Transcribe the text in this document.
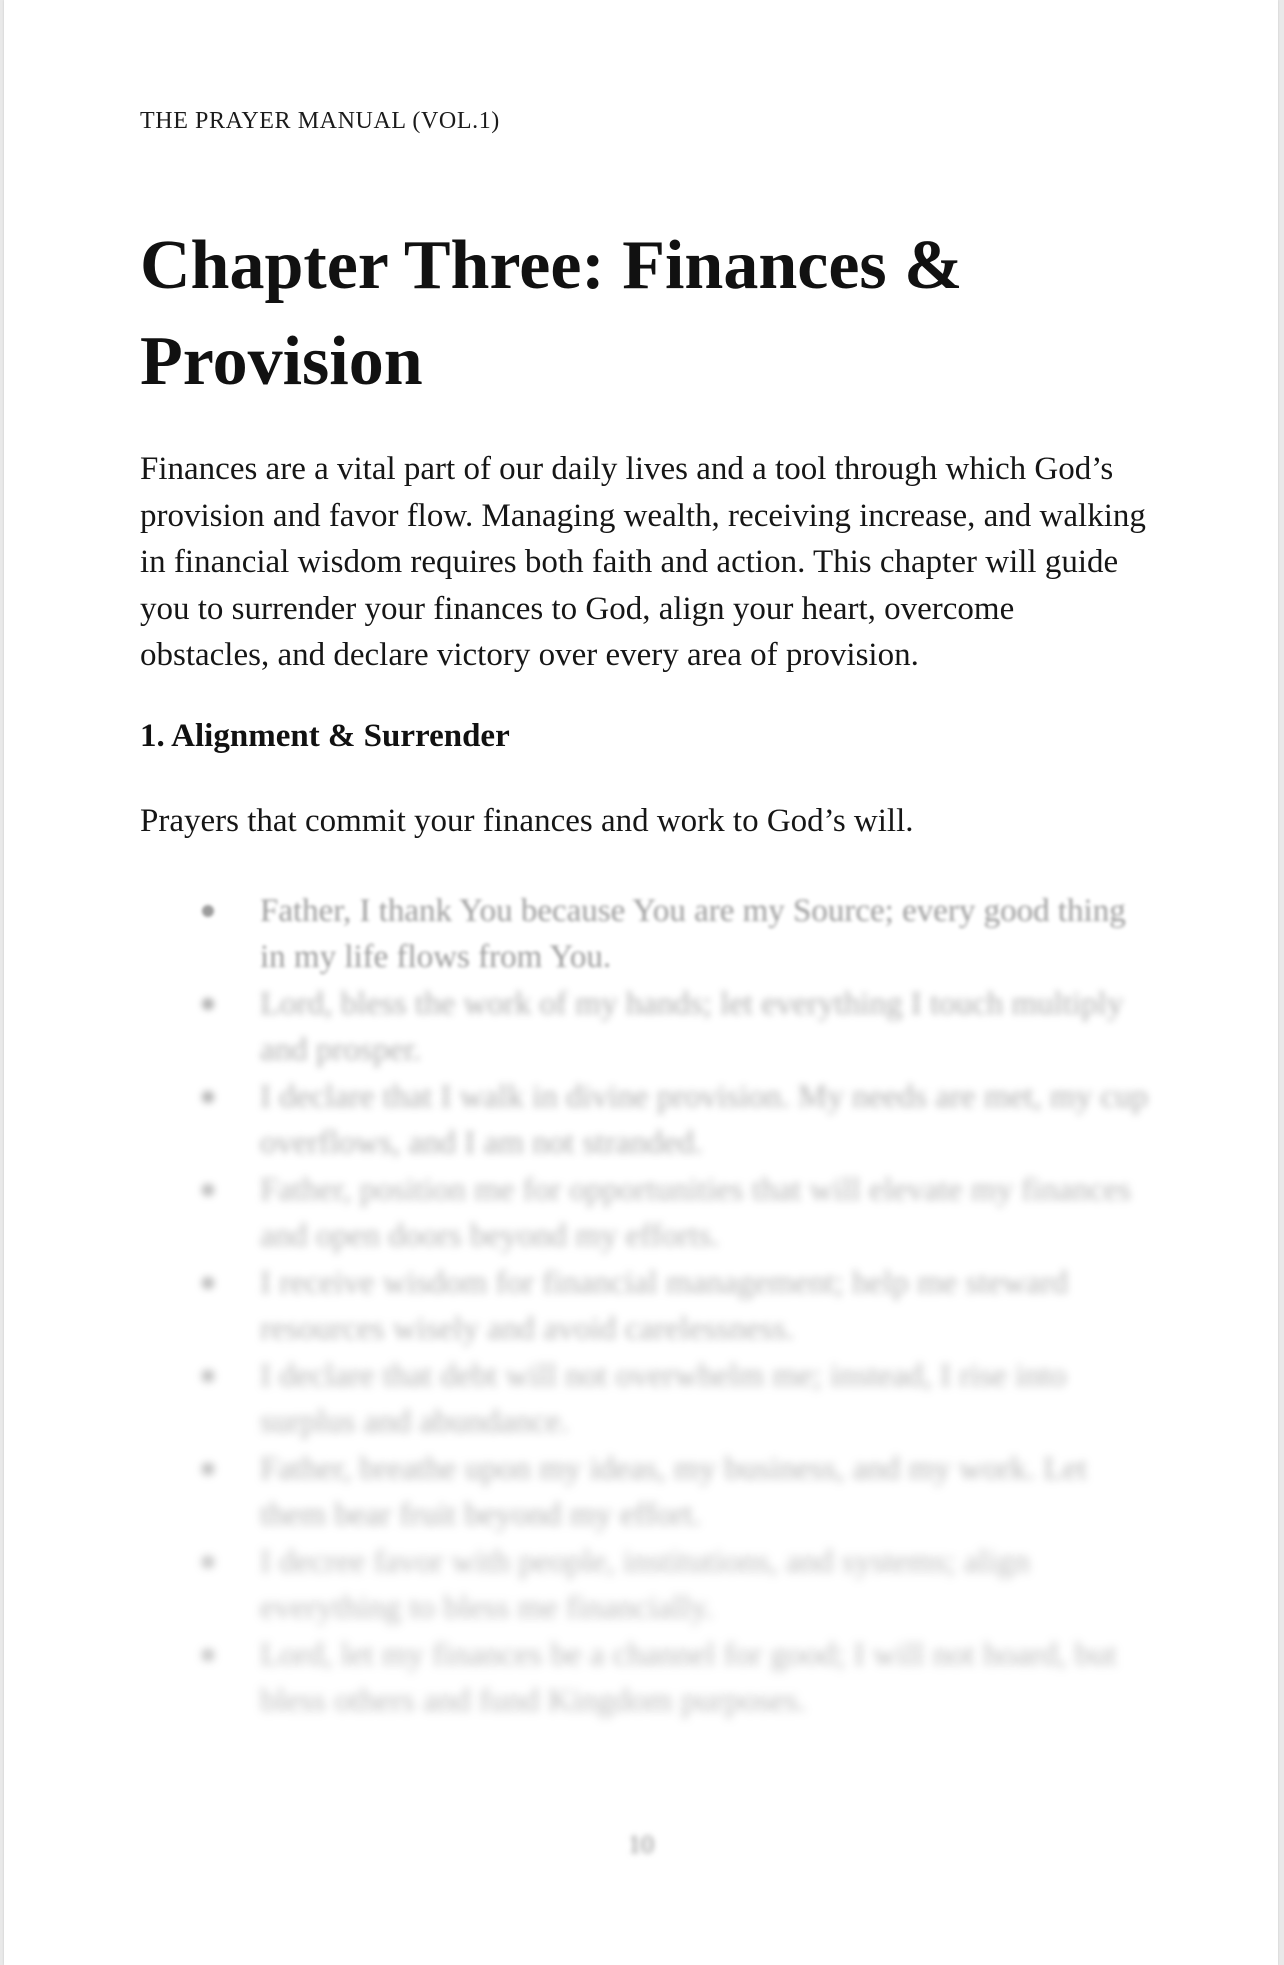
THE PRAYER MANUAL (VOL.1)
Chapter Three: Finances & Provision

Finances are a vital part of our daily lives and a tool through which God’s provision and favor flow. Managing wealth, receiving increase, and walking in financial wisdom requires both faith and action. This chapter will guide you to surrender your finances to God, align your heart, overcome obstacles, and declare victory over every area of provision.

1. Alignment & Surrender

Prayers that commit your finances and work to God’s will.

Father, I thank You because You are my Source; every good thing in my life flows from You.
Lord, bless the work of my hands; let everything I touch multiply and prosper.
I declare that I walk in divine provision. My needs are met, my cup overflows, and I am not stranded.
Father, position me for opportunities that will elevate my finances and open doors beyond my efforts.
I receive wisdom for financial management; help me steward resources wisely and avoid carelessness.
I declare that debt will not overwhelm me; instead, I rise into surplus and abundance.
Father, breathe upon my ideas, my business, and my work. Let them bear fruit beyond my effort.
I decree favor with people, institutions, and systems; align everything to bless me financially.
Lord, let my finances be a channel for good; I will not hoard, but bless others and fund Kingdom purposes.
10
